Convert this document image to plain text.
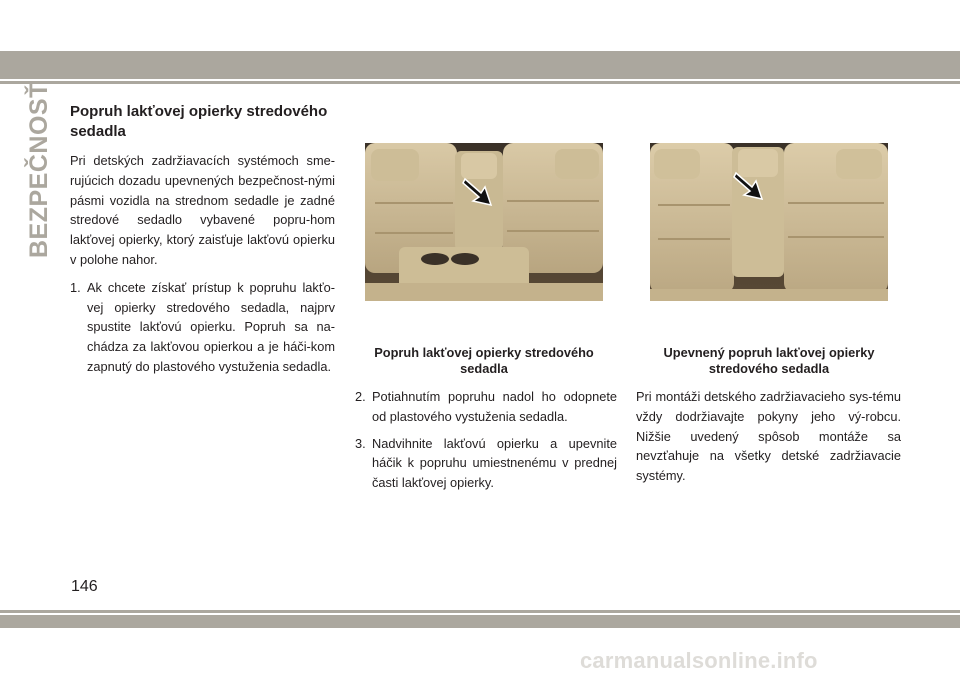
BEZPEČNOSŤ Popruh lakťovej opierky stredového sedadla

Pri detských zadržiavacích systémoch sme-rujúcich dozadu upevnených bezpečnost-nými pásmi vozidla na strednom sedadle je zadné stredové sedadlo vybavené popru-hom lakťovej opierky, ktorý zaisťuje lakťovú opierku v polohe nahor.

1. Ak chcete získať prístup k popruhu lakťo-vej opierky stredového sedadla, najprv spustite lakťovú opierku. Popruh sa na-chádza za lakťovou opierkou a je háči-kom zapnutý do plastového vystuženia sedadla.
Popruh lakťovej opierky stredového sedadla
Upevnený popruh lakťovej opierky stredového sedadla
2. Potiahnutím popruhu nadol ho odopnete od plastového vystuženia sedadla.
3. Nadvihnite lakťovú opierku a upevnite háčik k popruhu umiestnenému v prednej časti lakťovej opierky.

Pri montáži detského zadržiavacieho sys-tému vždy dodržiavajte pokyny jeho vý-robcu. Nižšie uvedený spôsob montáže sa nevzťahuje na všetky detské zadržiavacie systémy.

146
carmanualsonline.info
